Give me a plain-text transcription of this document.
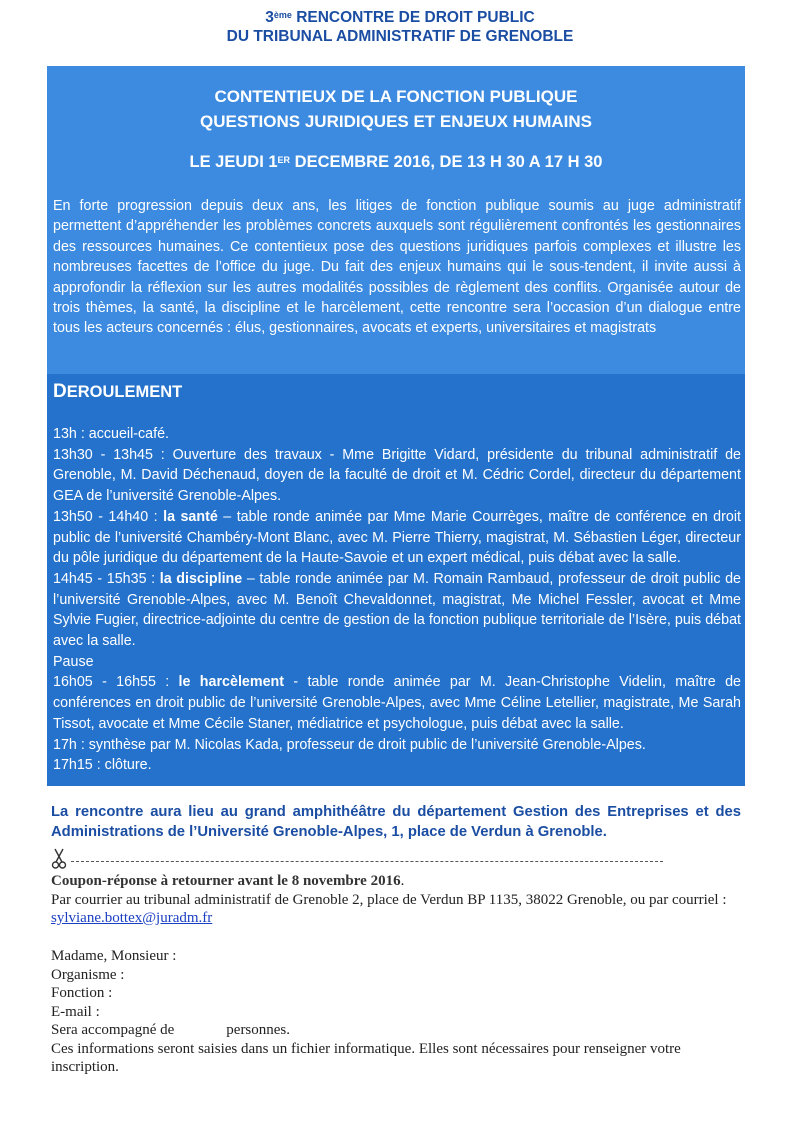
3ème RENCONTRE DE DROIT PUBLIC
DU TRIBUNAL ADMINISTRATIF DE GRENOBLE
CONTENTIEUX DE LA FONCTION PUBLIQUE
QUESTIONS JURIDIQUES ET ENJEUX HUMAINS
LE JEUDI 1ER DECEMBRE 2016, DE 13 H 30 A 17 H 30
En forte progression depuis deux ans, les litiges de fonction publique soumis au juge administratif permettent d’appréhender les problèmes concrets auxquels sont régulièrement confrontés les gestionnaires des ressources humaines. Ce contentieux pose des questions juridiques parfois complexes et illustre les nombreuses facettes de l’office du juge. Du fait des enjeux humains qui le sous-tendent, il invite aussi à approfondir la réflexion sur les autres modalités possibles de règlement des conflits. Organisée autour de trois thèmes, la santé, la discipline et le harcèlement, cette rencontre sera l’occasion d’un dialogue entre tous les acteurs concernés : élus, gestionnaires, avocats et experts, universitaires et magistrats
DEROULEMENT

13h : accueil-café.

13h30 - 13h45 : Ouverture des travaux - Mme Brigitte Vidard, présidente du tribunal administratif de Grenoble, M. David Déchenaud, doyen de la faculté de droit et M. Cédric Cordel, directeur du département GEA de l’université Grenoble-Alpes.

13h50 - 14h40 : la santé – table ronde animée par Mme Marie Courrèges, maître de conférence en droit public de l’université Chambéry-Mont Blanc, avec M. Pierre Thierry, magistrat, M. Sébastien Léger, directeur du pôle juridique du département de la Haute-Savoie et un expert médical, puis débat avec la salle.

14h45 - 15h35 : la discipline – table ronde animée par M. Romain Rambaud, professeur de droit public de l’université Grenoble-Alpes, avec M. Benoît Chevaldonnet, magistrat, Me Michel Fessler, avocat et Mme Sylvie Fugier, directrice-adjointe du centre de gestion de la fonction publique territoriale de l’Isère, puis débat avec la salle.

Pause

16h05 - 16h55 : le harcèlement - table ronde animée par M. Jean-Christophe Videlin, maître de conférences en droit public de l’université Grenoble-Alpes, avec Mme Céline Letellier, magistrate, Me Sarah Tissot, avocate et Mme Cécile Staner, médiatrice et psychologue, puis débat avec la salle.

17h : synthèse par M. Nicolas Kada, professeur de droit public de l’université Grenoble-Alpes.

17h15 : clôture.

La rencontre aura lieu au grand amphithéâtre du département Gestion des Entreprises et des Administrations de l’Université Grenoble-Alpes, 1, place de Verdun à Grenoble.

Coupon-réponse à retourner avant le 8 novembre 2016.

Par courrier au tribunal administratif de Grenoble 2, place de Verdun BP 1135, 38022 Grenoble, ou par courriel : sylviane.bottex@juradm.fr

Madame, Monsieur :

Organisme :

Fonction :

E-mail :

Sera accompagné de	personnes.

Ces informations seront saisies dans un fichier informatique. Elles sont nécessaires pour renseigner votre inscription.
